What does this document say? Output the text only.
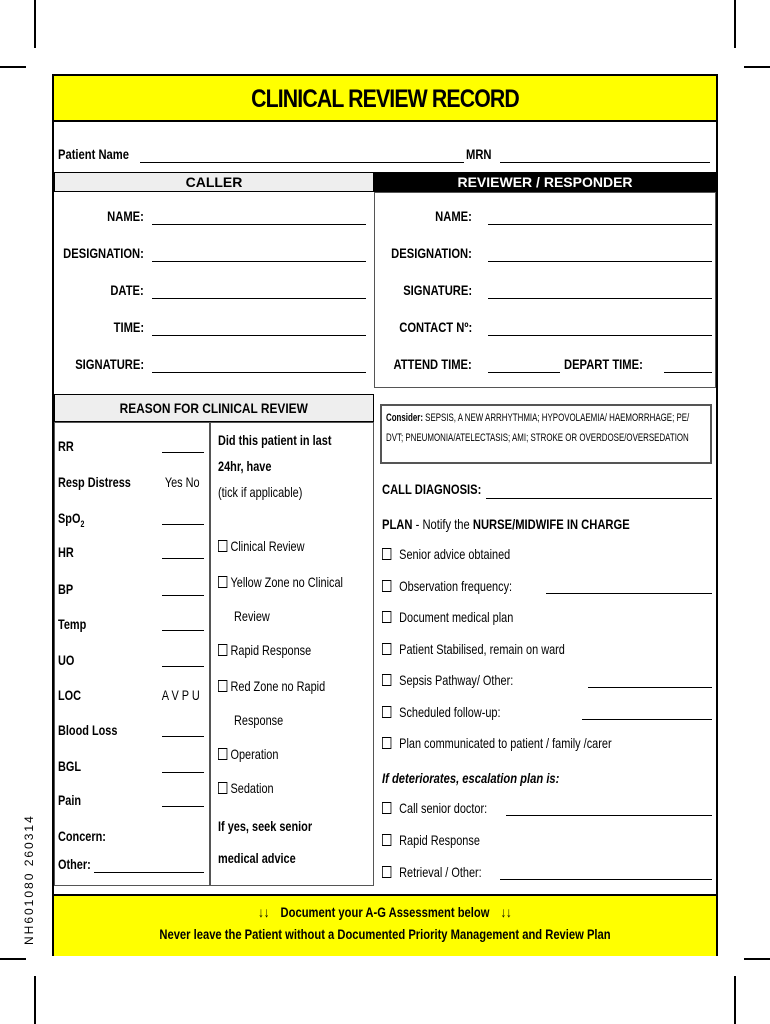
NH601080 260314
CLINICAL REVIEW RECORD
Patient Name	MRN
CALLER	REVIEWER / RESPONDER
NAME:
DESIGNATION:
DATE:
TIME:
SIGNATURE:
NAME:
DESIGNATION:
SIGNATURE:
CONTACT Nº:
ATTEND TIME:	DEPART TIME:
REASON FOR CLINICAL REVIEW
RR
Resp Distress Yes No
SpO$_2$
HR
BP
Temp
UO
LOC	A V P U
Blood Loss
BGL
Pain
Concern:
Other:
Did this patient in last
24hr, have
(tick if applicable)
Clinical Review
Yellow Zone no Clinical
Review
Rapid Response
Red Zone no Rapid
Response
Operation
Sedation
If yes, seek senior
medical advice
Consider: SEPSIS, A NEW ARRHYTHMIA; HYPOVOLAEMIA/ HAEMORRHAGE; PE/
DVT; PNEUMONIA/ATELECTASIS; AMI; STROKE OR OVERDOSE/OVERSEDATION
CALL DIAGNOSIS:
PLAN - Notify the NURSE/MIDWIFE IN CHARGE
Senior advice obtained
Observation frequency:
Document medical plan
Patient Stabilised, remain on ward
Sepsis Pathway/ Other:
Scheduled follow-up:
Plan communicated to patient / family /carer
If deteriorates, escalation plan is:
Call senior doctor:
Rapid Response
Retrieval / Other:
↓↓ Document your A-G Assessment below ↓↓
Never leave the Patient without a Documented Priority Management and Review Plan
